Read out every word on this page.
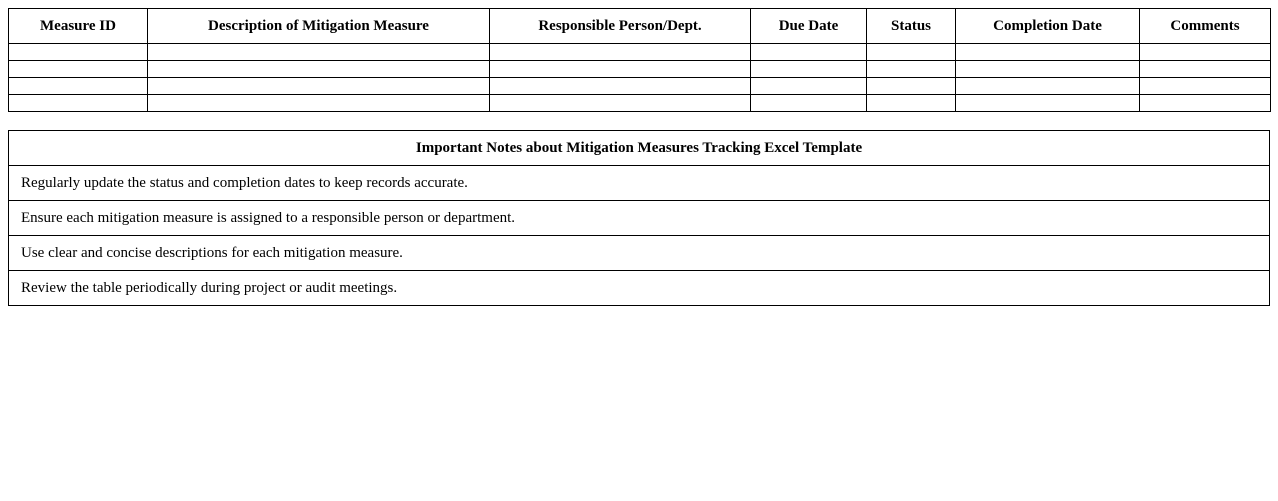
Measure ID	Description of Mitigation Measure	Responsible Person/Dept.	Due Date	Status	Completion Date	Comments

Important Notes about Mitigation Measures Tracking Excel Template
Regularly update the status and completion dates to keep records accurate.
Ensure each mitigation measure is assigned to a responsible person or department.
Use clear and concise descriptions for each mitigation measure.
Review the table periodically during project or audit meetings.
